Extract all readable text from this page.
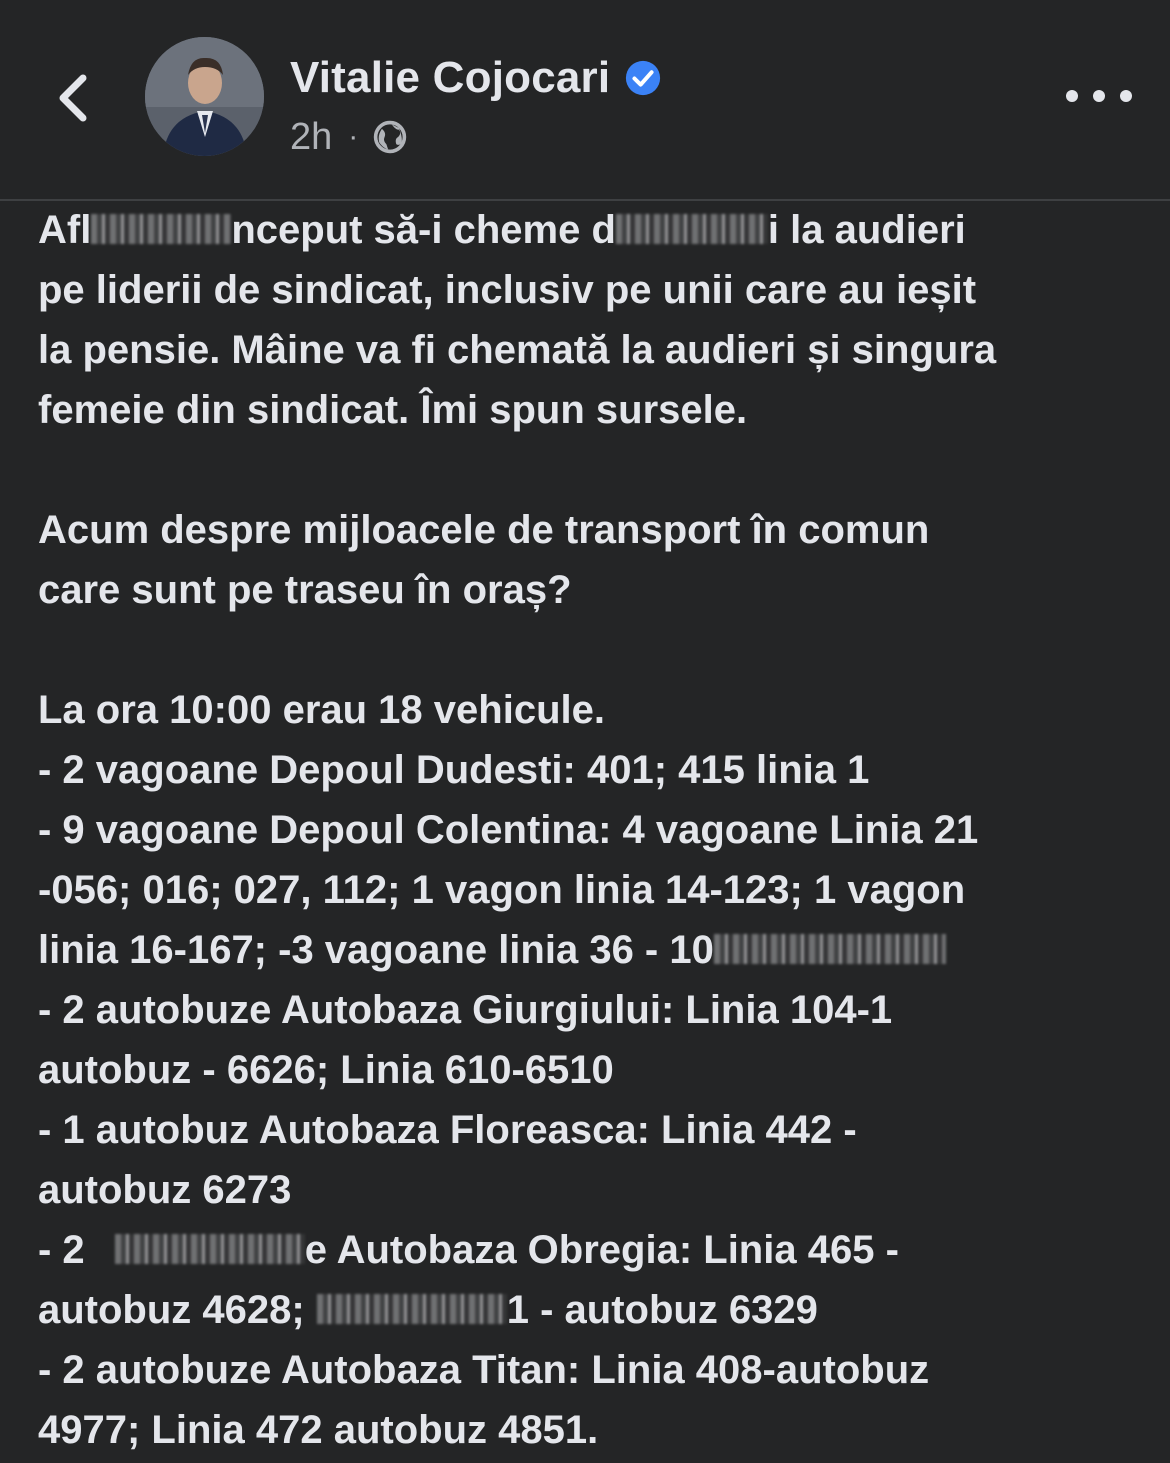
Vitalie Cojocari
2h ·
Afl	nceput să-i cheme d	i la audieri
pe liderii de sindicat, inclusiv pe unii care au ieșit
la pensie. Mâine va fi chemată la audieri și singura
femeie din sindicat. Îmi spun sursele.
Acum despre mijloacele de transport în comun
care sunt pe traseu în oraș?
La ora 10:00 erau 18 vehicule.
- 2 vagoane Depoul Dudesti: 401; 415 linia 1
- 9 vagoane Depoul Colentina: 4 vagoane Linia 21
-056; 016; 027, 112; 1 vagon linia 14-123; 1 vagon
linia 16-167; -3 vagoane linia 36 - 10
- 2 autobuze Autobaza Giurgiului: Linia 104-1
autobuz - 6626; Linia 610-6510
- 1 autobuz Autobaza Floreasca: Linia 442 -
autobuz 6273
- 2	e Autobaza Obregia: Linia 465 -
autobuz 4628;	1 - autobuz 6329
- 2 autobuze Autobaza Titan: Linia 408-autobuz
4977; Linia 472 autobuz 4851.
